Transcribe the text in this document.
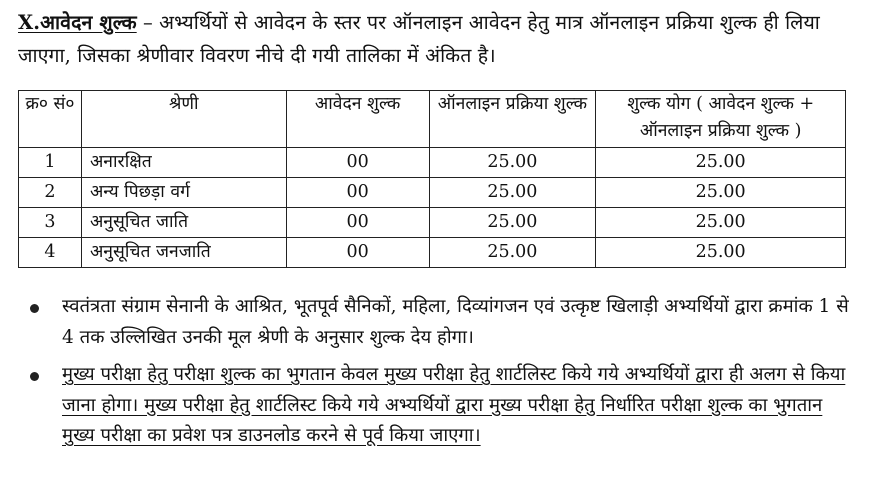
X.आवेदन शुल्क – अभ्यर्थियों से आवेदन के स्तर पर ऑनलाइन आवेदन हेतु मात्र ऑनलाइन प्रक्रिया शुल्क ही लिया जाएगा, जिसका श्रेणीवार विवरण नीचे दी गयी तालिका में अंकित है।
क्र० सं०	श्रेणी	आवेदन शुल्क	ऑनलाइन प्रक्रिया शुल्क	शुल्क योग ( आवेदन शुल्क + ऑनलाइन प्रक्रिया शुल्क )
1	अनारक्षित	00	25.00	25.00
2	अन्य पिछड़ा वर्ग	00	25.00	25.00
3	अनुसूचित जाति	00	25.00	25.00
4	अनुसूचित जनजाति	00	25.00	25.00
स्वतंत्रता संग्राम सेनानी के आश्रित, भूतपूर्व सैनिकों, महिला, दिव्यांगजन एवं उत्कृष्ट खिलाड़ी अभ्यर्थियों द्वारा क्रमांक 1 से 4 तक उल्लिखित उनकी मूल श्रेणी के अनुसार शुल्क देय होगा।
मुख्य परीक्षा हेतु परीक्षा शुल्क का भुगतान केवल मुख्य परीक्षा हेतु शार्टलिस्ट किये गये अभ्यर्थियों द्वारा ही अलग से किया जाना होगा। मुख्य परीक्षा हेतु शार्टलिस्ट किये गये अभ्यर्थियों द्वारा मुख्य परीक्षा हेतु निर्धारित परीक्षा शुल्क का भुगतान मुख्य परीक्षा का प्रवेश पत्र डाउनलोड करने से पूर्व किया जाएगा।
